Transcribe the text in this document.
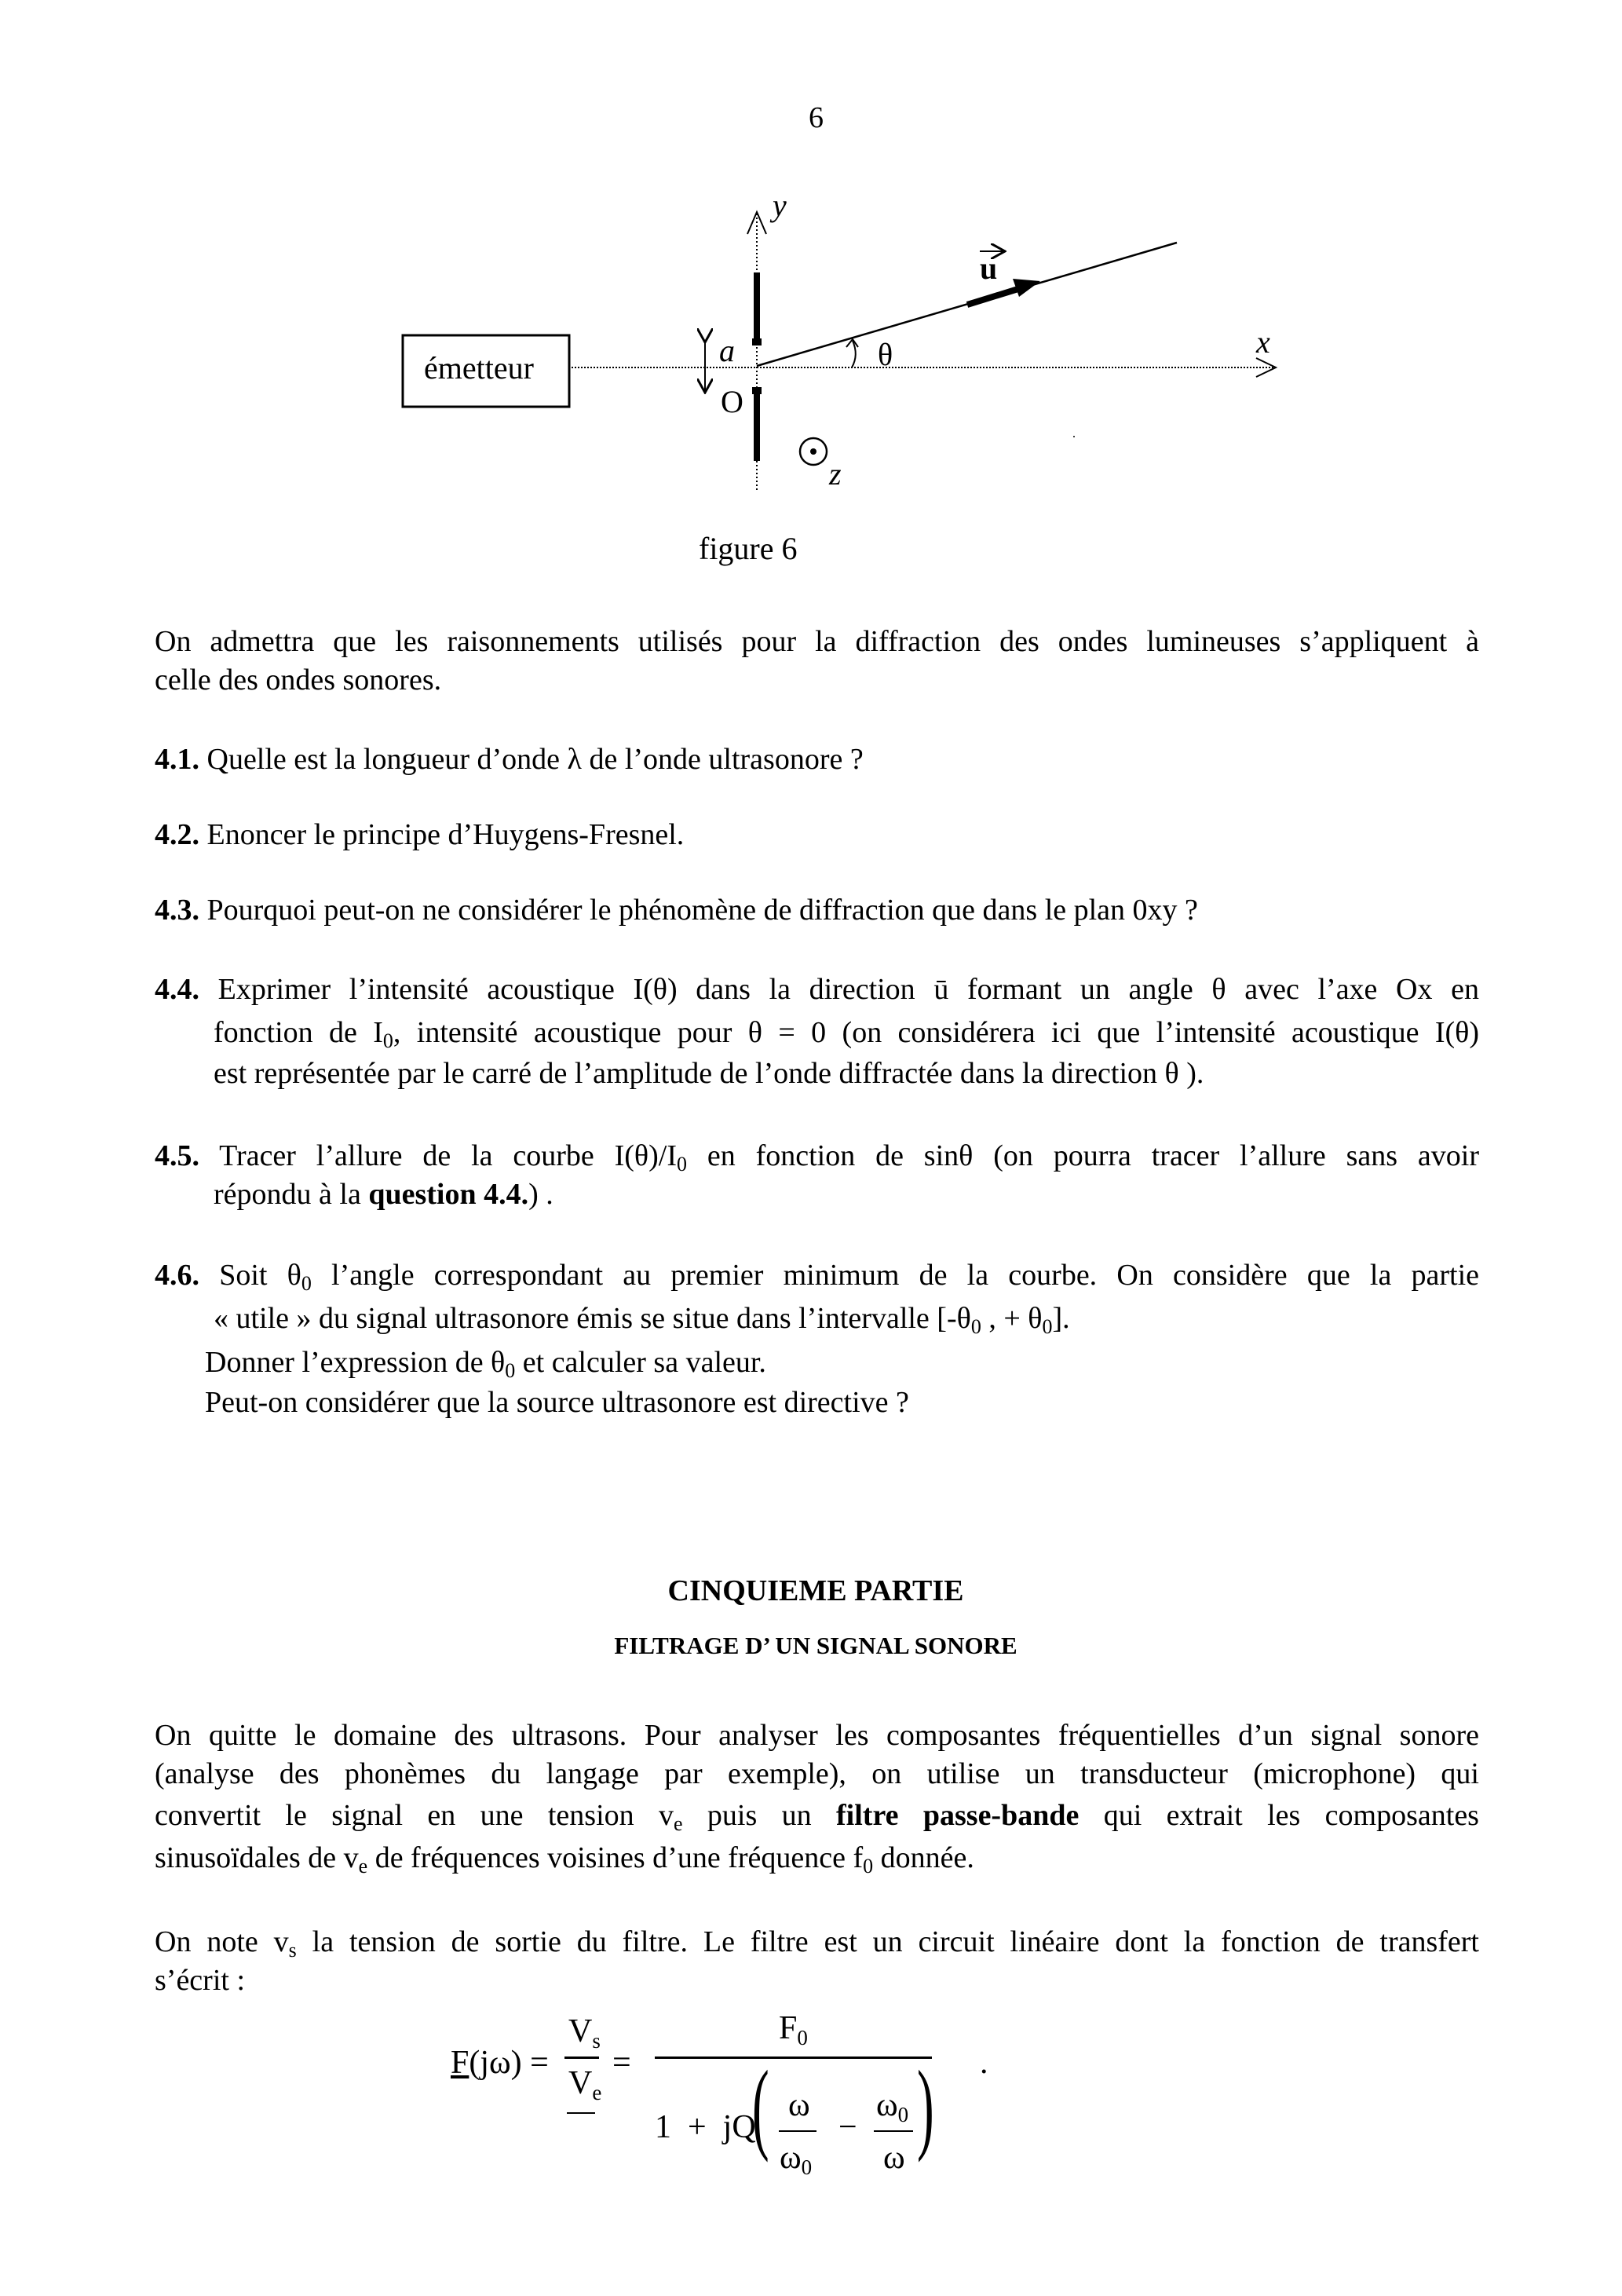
6
émetteur
y
x
z
a
O
θ
u
figure 6
On admettra que les raisonnements utilisés pour la diffraction des ondes lumineuses s’appliquent à
celle des ondes sonores.
4.1. Quelle est la longueur d’onde λ de l’onde ultrasonore ?
4.2. Enoncer le principe d’Huygens-Fresnel.
4.3. Pourquoi peut-on ne considérer le phénomène de diffraction que dans le plan 0xy ?
4.4. Exprimer l’intensité acoustique I(θ) dans la direction ū formant un angle θ avec l’axe Ox en
fonction de $I_0$, intensité acoustique pour θ = 0 (on considérera ici que l’intensité acoustique I(θ)
est représentée par le carré de l’amplitude de l’onde diffractée dans la direction θ ).
4.5. Tracer l’allure de la courbe $I(\theta)/I_0$ en fonction de sinθ (on pourra tracer l’allure sans avoir
répondu à la question 4.4.) .
4.6. Soit $\theta_0$ l’angle correspondant au premier minimum de la courbe. On considère que la partie
« utile » du signal ultrasonore émis se situe dans l’intervalle [$-\theta_0$ , + $\theta_0$].
Donner l’expression de $\theta_0$ et calculer sa valeur.
Peut-on considérer que la source ultrasonore est directive ?
CINQUIEME PARTIE
FILTRAGE D’ UN SIGNAL SONORE
On quitte le domaine des ultrasons. Pour analyser les composantes fréquentielles d’un signal sonore
(analyse des phonèmes du langage par exemple), on utilise un transducteur (microphone) qui
convertit le signal en une tension $v_e$ puis un filtre passe-bande qui extrait les composantes
sinusoïdales de $v_e$ de fréquences voisines d’une fréquence $f_0$ donnée.
On note $v_s$ la tension de sortie du filtre. Le filtre est un circuit linéaire dont la fonction de transfert
s’écrit :
F(jω) =
Vs
Ve
=
F0
1  +  jQ
( )
ω
ω0
−
ω0
ω
.
